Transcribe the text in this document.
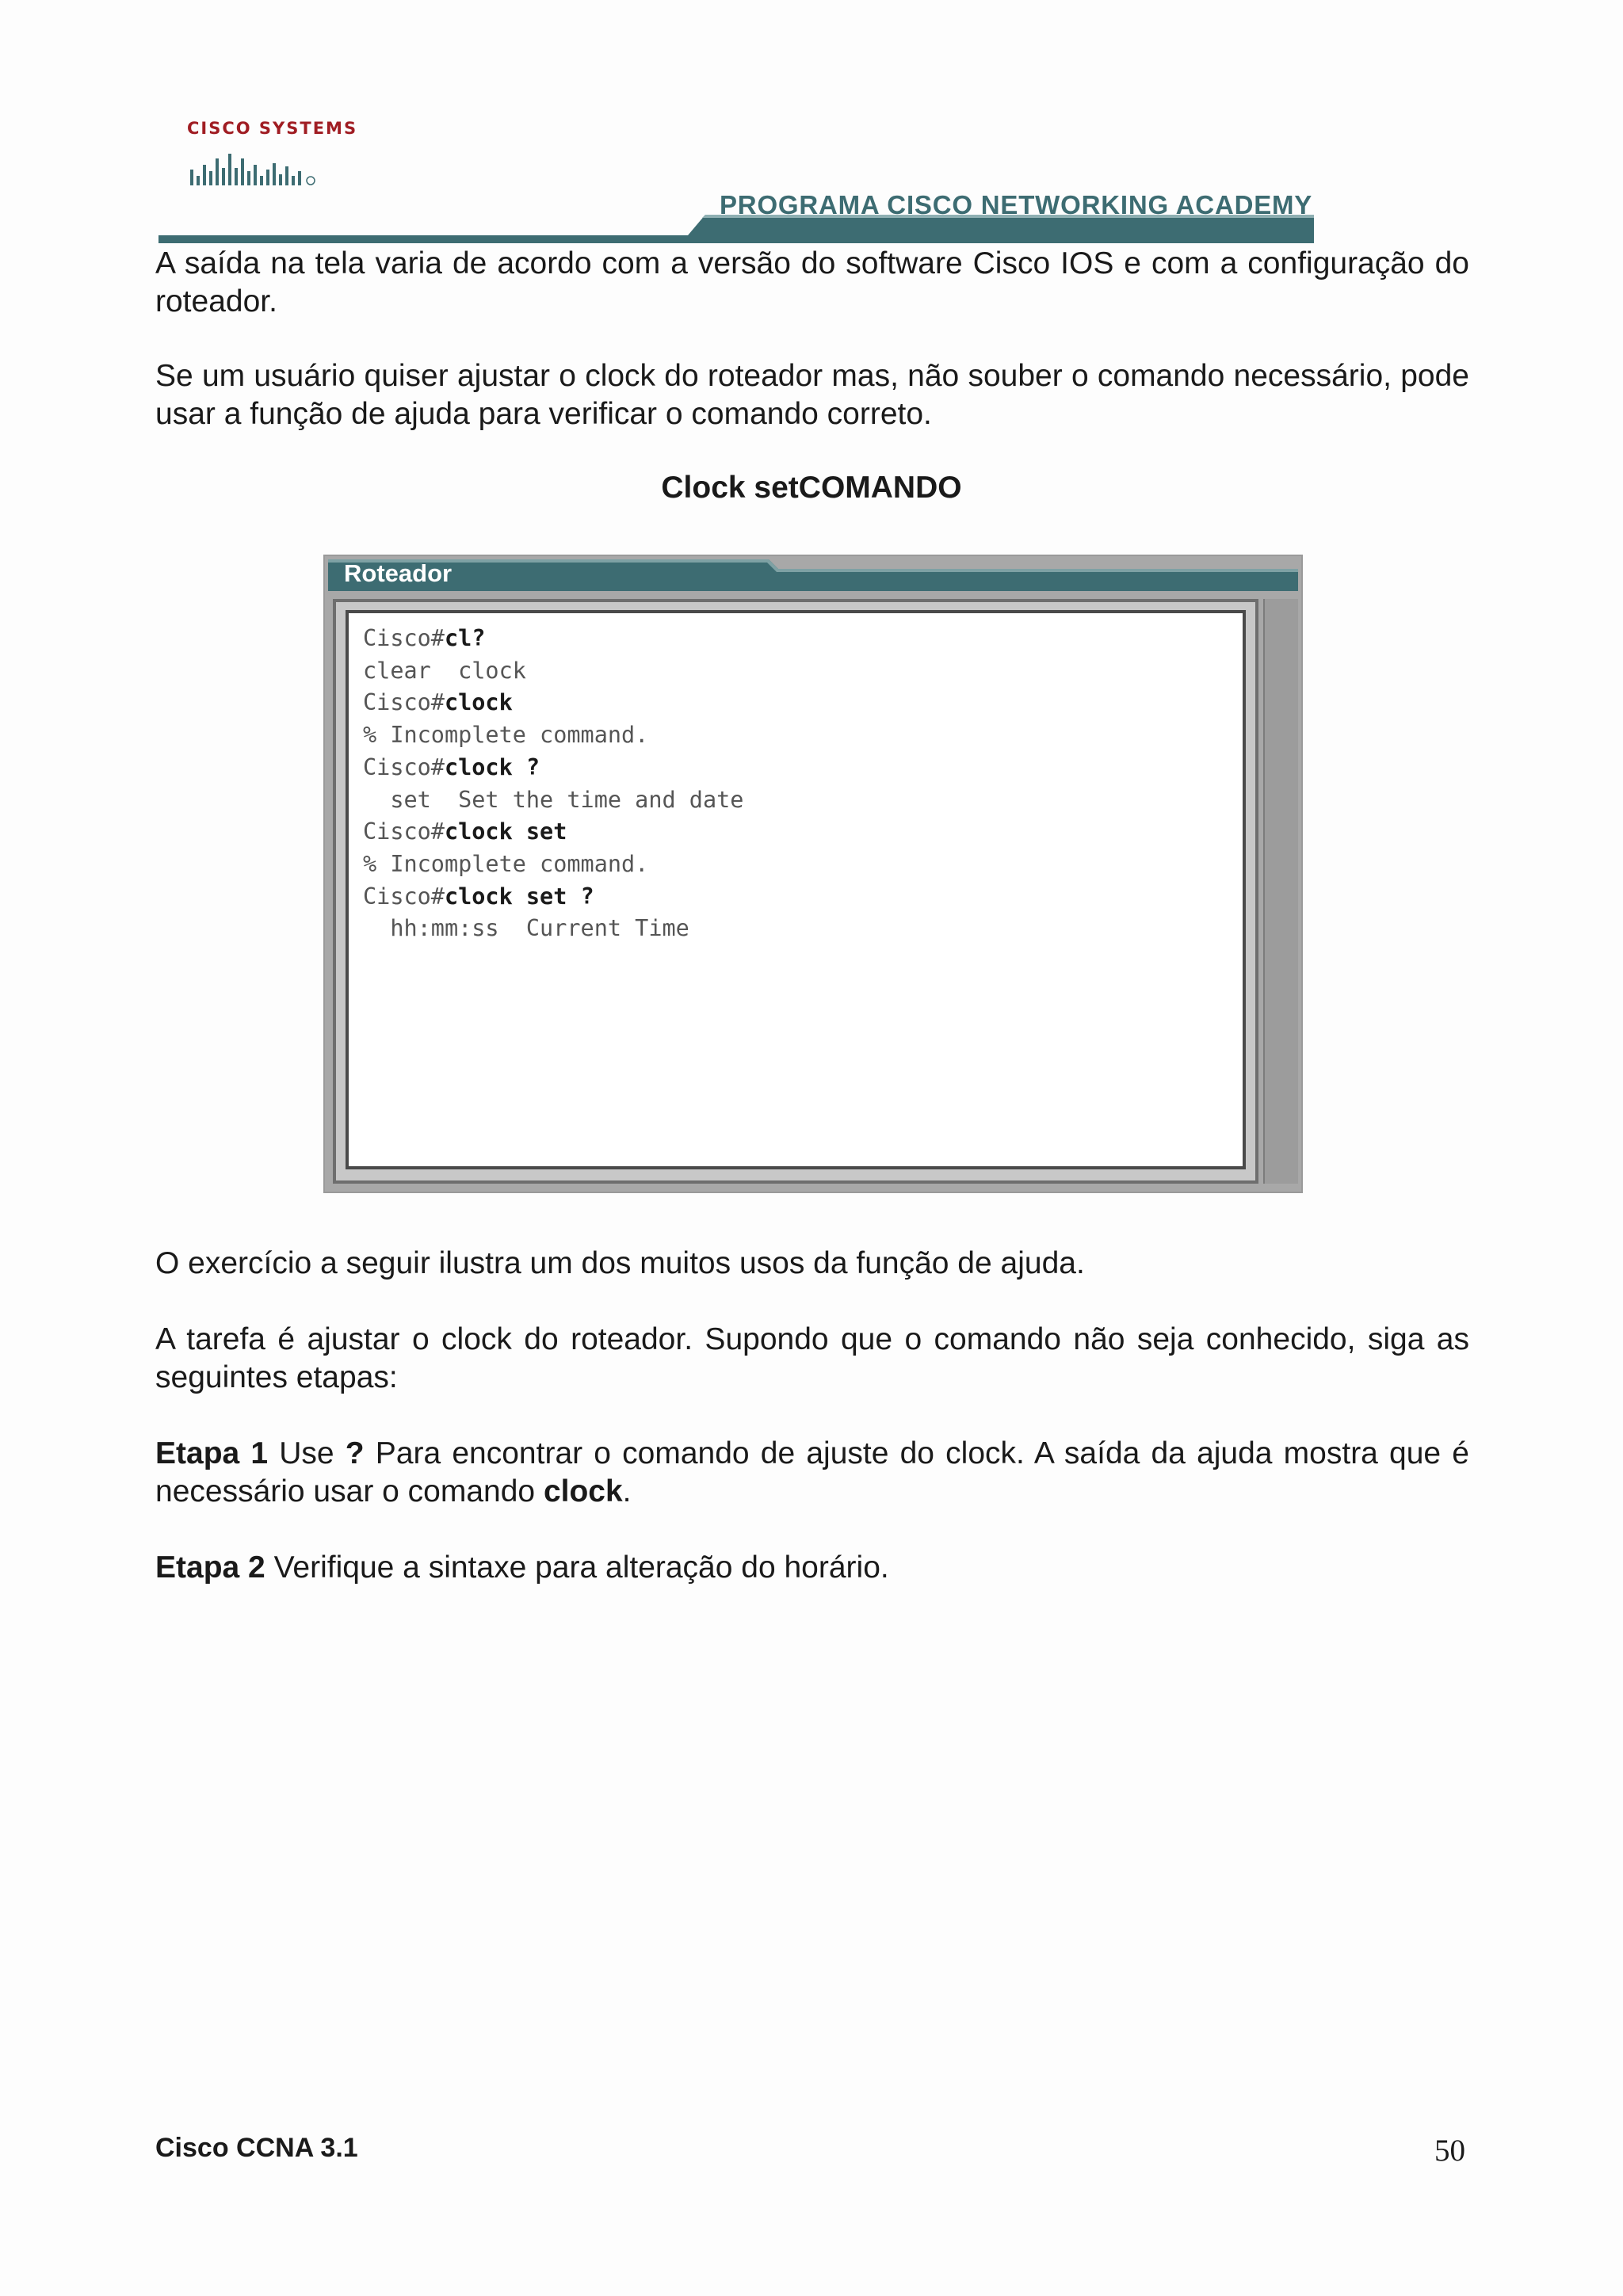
CISCO SYSTEMS
PROGRAMA CISCO NETWORKING ACADEMY
A saída na tela varia de acordo com a versão do software Cisco IOS e com a configuração do roteador.
Se um usuário quiser ajustar o clock do roteador mas, não souber o comando necessário, pode usar a função de ajuda para verificar o comando correto.
Clock setCOMANDO
Roteador
Cisco#cl?
clear  clock
Cisco#clock
% Incomplete command.
Cisco#clock ?
set  Set the time and date
Cisco#clock set
% Incomplete command.
Cisco#clock set ?
hh:mm:ss  Current Time
O exercício a seguir ilustra um dos muitos usos da função de ajuda.
A tarefa é ajustar o clock do roteador. Supondo que o comando não seja conhecido, siga as seguintes etapas:
Etapa 1 Use ? Para encontrar o comando de ajuste do clock. A saída da ajuda mostra que é necessário usar o comando clock.
Etapa 2 Verifique a sintaxe para alteração do horário.
Cisco CCNA 3.1	50
